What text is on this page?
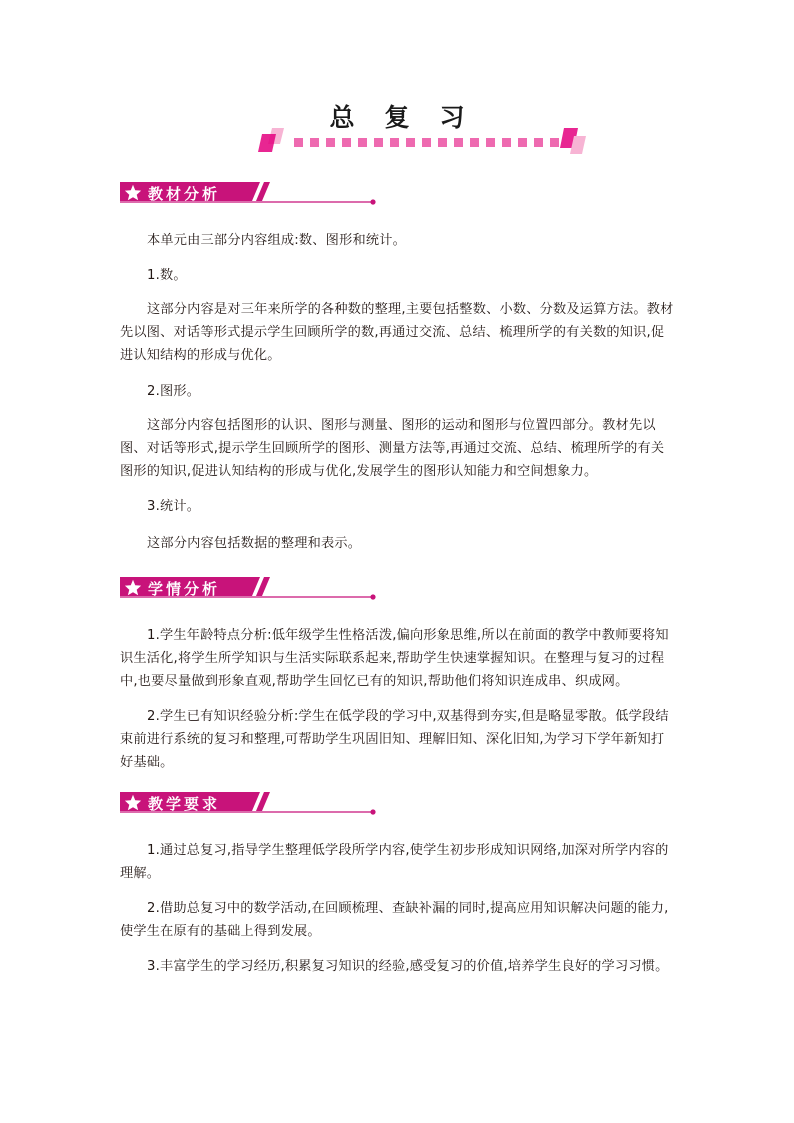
总复习
教材分析

本单元由三部分内容组成:数、图形和统计。

1.数。

这部分内容是对三年来所学的各种数的整理,主要包括整数、小数、分数及运算方法。教材先以图、对话等形式提示学生回顾所学的数,再通过交流、总结、梳理所学的有关数的知识,促进认知结构的形成与优化。

2.图形。

这部分内容包括图形的认识、图形与测量、图形的运动和图形与位置四部分。教材先以图、对话等形式,提示学生回顾所学的图形、测量方法等,再通过交流、总结、梳理所学的有关图形的知识,促进认知结构的形成与优化,发展学生的图形认知能力和空间想象力。

3.统计。

这部分内容包括数据的整理和表示。

学情分析

1.学生年龄特点分析:低年级学生性格活泼,偏向形象思维,所以在前面的教学中教师要将知识生活化,将学生所学知识与生活实际联系起来,帮助学生快速掌握知识。在整理与复习的过程中,也要尽量做到形象直观,帮助学生回忆已有的知识,帮助他们将知识连成串、织成网。

2.学生已有知识经验分析:学生在低学段的学习中,双基得到夯实,但是略显零散。低学段结束前进行系统的复习和整理,可帮助学生巩固旧知、理解旧知、深化旧知,为学习下学年新知打好基础。

教学要求

1.通过总复习,指导学生整理低学段所学内容,使学生初步形成知识网络,加深对所学内容的理解。

2.借助总复习中的数学活动,在回顾梳理、查缺补漏的同时,提高应用知识解决问题的能力,使学生在原有的基础上得到发展。

3.丰富学生的学习经历,积累复习知识的经验,感受复习的价值,培养学生良好的学习习惯。
